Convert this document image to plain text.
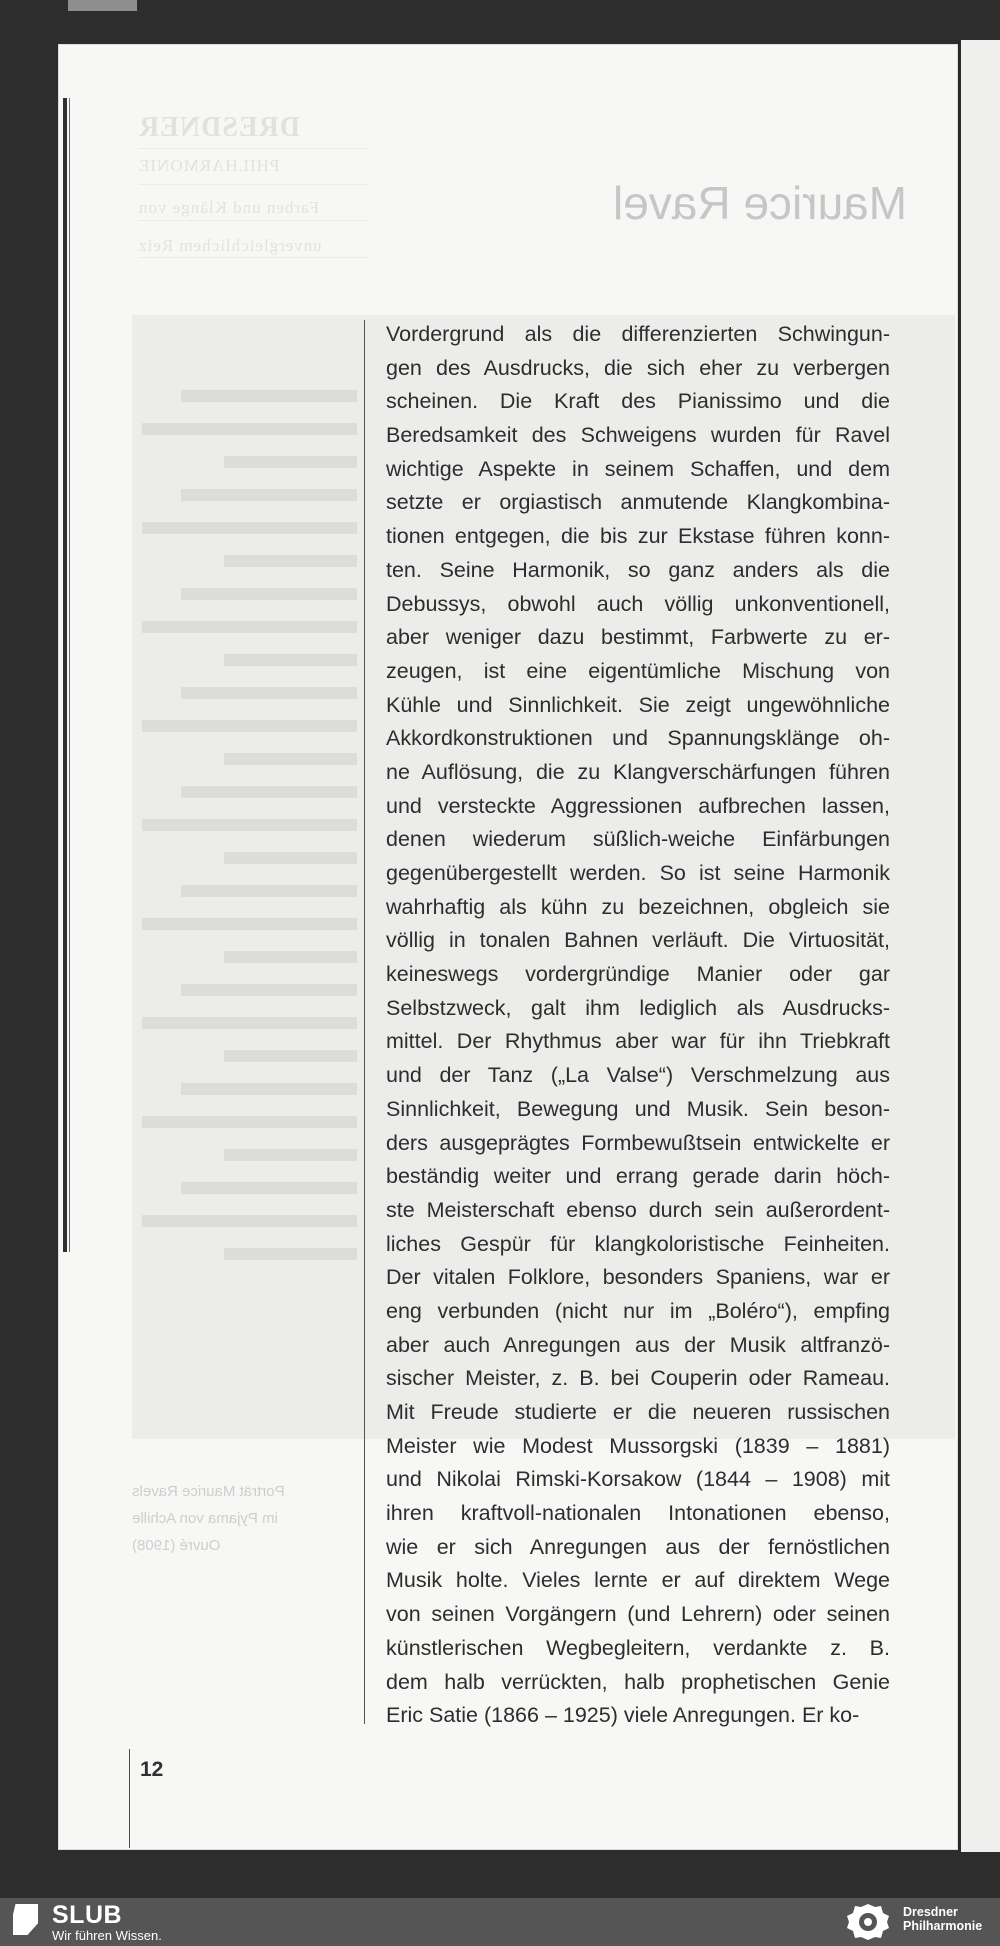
DRESDNER
PHILHARMONIE
Farben und Klänge von
unvergleichlichem Reiz
Maurice Ravel
Porträt Maurice Ravels
im Pyjama von Achille
Ouvré (1908)
Vordergrund als die differenzierten Schwingun-
gen des Ausdrucks, die sich eher zu verbergen
scheinen. Die Kraft des Pianissimo und die
Beredsamkeit des Schweigens wurden für Ravel
wichtige Aspekte in seinem Schaffen, und dem
setzte er orgiastisch anmutende Klangkombina-
tionen entgegen, die bis zur Ekstase führen konn-
ten. Seine Harmonik, so ganz anders als die
Debussys, obwohl auch völlig unkonventionell,
aber weniger dazu bestimmt, Farbwerte zu er-
zeugen, ist eine eigentümliche Mischung von
Kühle und Sinnlichkeit. Sie zeigt ungewöhnliche
Akkordkonstruktionen und Spannungsklänge oh-
ne Auflösung, die zu Klangverschärfungen führen
und versteckte Aggressionen aufbrechen lassen,
denen wiederum süßlich-weiche Einfärbungen
gegenübergestellt werden. So ist seine Harmonik
wahrhaftig als kühn zu bezeichnen, obgleich sie
völlig in tonalen Bahnen verläuft. Die Virtuosität,
keineswegs vordergründige Manier oder gar
Selbstzweck, galt ihm lediglich als Ausdrucks-
mittel. Der Rhythmus aber war für ihn Triebkraft
und der Tanz („La Valse“) Verschmelzung aus
Sinnlichkeit, Bewegung und Musik. Sein beson-
ders ausgeprägtes Formbewußtsein entwickelte er
beständig weiter und errang gerade darin höch-
ste Meisterschaft ebenso durch sein außerordent-
liches Gespür für klangkoloristische Feinheiten.
Der vitalen Folklore, besonders Spaniens, war er
eng verbunden (nicht nur im „Boléro“), empfing
aber auch Anregungen aus der Musik altfranzö-
sischer Meister, z. B. bei Couperin oder Rameau.
Mit Freude studierte er die neueren russischen
Meister wie Modest Mussorgski (1839 – 1881)
und Nikolai Rimski-Korsakow (1844 – 1908) mit
ihren kraftvoll-nationalen Intonationen ebenso,
wie er sich Anregungen aus der fernöstlichen
Musik holte. Vieles lernte er auf direktem Wege
von seinen Vorgängern (und Lehrern) oder seinen
künstlerischen Wegbegleitern, verdankte z. B.
dem halb verrückten, halb prophetischen Genie
Eric Satie (1866 – 1925) viele Anregungen. Er ko-
12
SLUB
Wir führen Wissen.
Dresdner
Philharmonie
